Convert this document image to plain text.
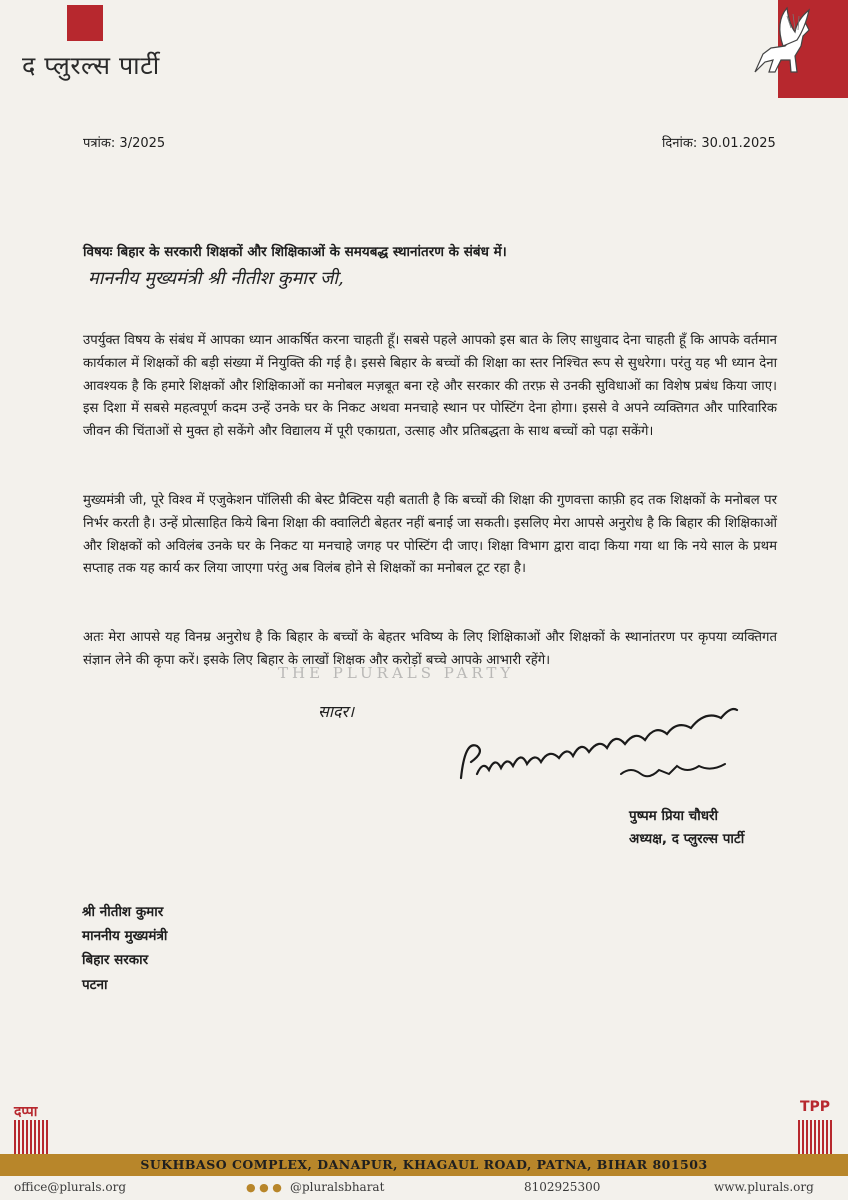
द प्लुरल्स पार्टी
पत्रांक: 3/2025	दिनांक: 30.01.2025
विषयः बिहार के सरकारी शिक्षकों और शिक्षिकाओं के समयबद्ध स्थानांतरण के संबंध में।
माननीय मुख्यमंत्री श्री नीतीश कुमार जी,

उपर्युक्त विषय के संबंध में आपका ध्यान आकर्षित करना चाहती हूँ। सबसे पहले आपको इस बात के लिए साधुवाद देना चाहती हूँ कि आपके वर्तमान कार्यकाल में शिक्षकों की बड़ी संख्या में नियुक्ति की गई है। इससे बिहार के बच्चों की शिक्षा का स्तर निश्चित रूप से सुधरेगा। परंतु यह भी ध्यान देना आवश्यक है कि हमारे शिक्षकों और शिक्षिकाओं का मनोबल मज़बूत बना रहे और सरकार की तरफ़ से उनकी सुविधाओं का विशेष प्रबंध किया जाए। इस दिशा में सबसे महत्वपूर्ण कदम उन्हें उनके घर के निकट अथवा मनचाहे स्थान पर पोस्टिंग देना होगा। इससे वे अपने व्यक्तिगत और पारिवारिक जीवन की चिंताओं से मुक्त हो सकेंगे और विद्यालय में पूरी एकाग्रता, उत्साह और प्रतिबद्धता के साथ बच्चों को पढ़ा सकेंगे।

मुख्यमंत्री जी, पूरे विश्व में एजुकेशन पॉलिसी की बेस्ट प्रैक्टिस यही बताती है कि बच्चों की शिक्षा की गुणवत्ता काफ़ी हद तक शिक्षकों के मनोबल पर निर्भर करती है। उन्हें प्रोत्साहित किये बिना शिक्षा की क्वालिटी बेहतर नहीं बनाई जा सकती। इसलिए मेरा आपसे अनुरोध है कि बिहार की शिक्षिकाओं और शिक्षकों को अविलंब उनके घर के निकट या मनचाहे जगह पर पोस्टिंग दी जाए। शिक्षा विभाग द्वारा वादा किया गया था कि नये साल के प्रथम सप्ताह तक यह कार्य कर लिया जाएगा परंतु अब विलंब होने से शिक्षकों का मनोबल टूट रहा है।

अतः मेरा आपसे यह विनम्र अनुरोध है कि बिहार के बच्चों के बेहतर भविष्य के लिए शिक्षिकाओं और शिक्षकों के स्थानांतरण पर कृपया व्यक्तिगत संज्ञान लेने की कृपा करें। इसके लिए बिहार के लाखों शिक्षक और करोड़ों बच्चे आपके आभारी रहेंगे।

THE PLURALS PARTY
सादर।
पुष्पम प्रिया चौधरी
अध्यक्ष, द प्लुरल्स पार्टी
श्री नीतीश कुमार
माननीय मुख्यमंत्री
बिहार सरकार
पटना
दप्पा	TPP
SUKHBASO COMPLEX, DANAPUR, KHAGAUL ROAD, PATNA, BIHAR 801503
office@plurals.org	● ● ● @pluralsbharat	8102925300	www.plurals.org
